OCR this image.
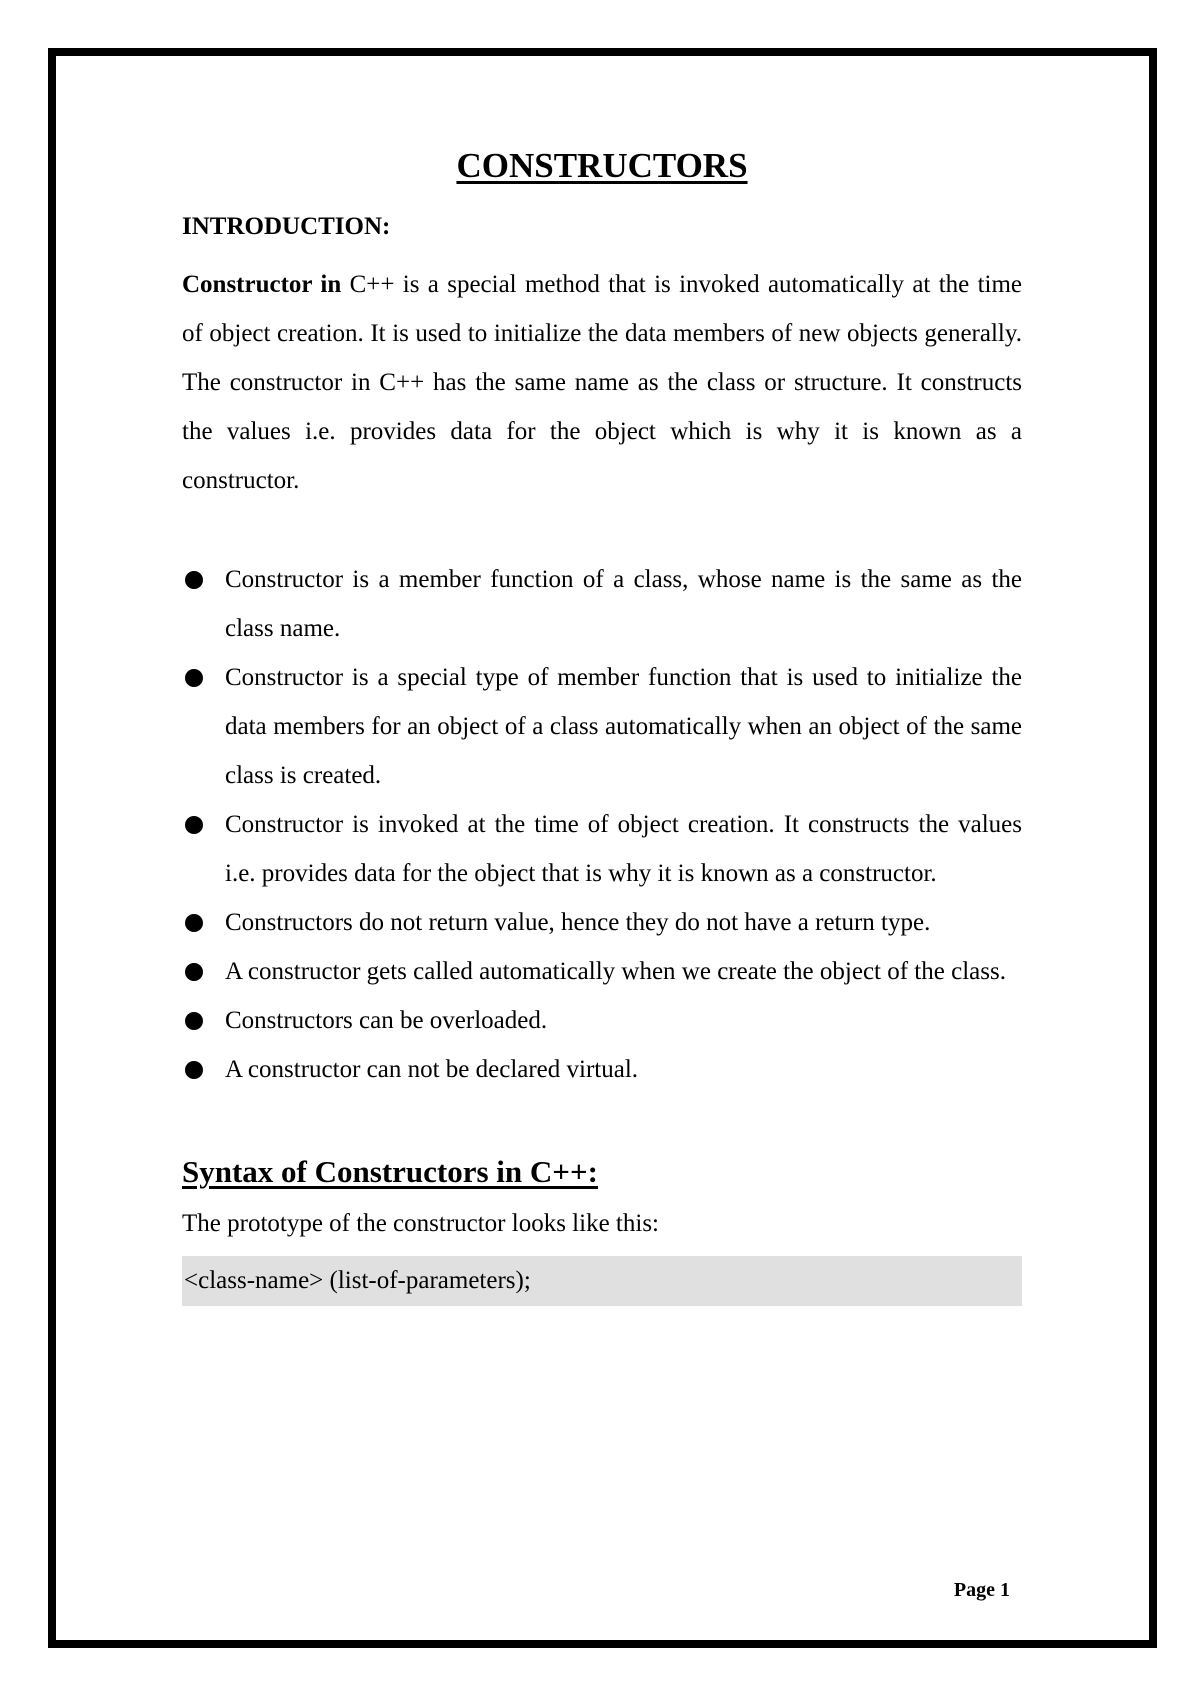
CONSTRUCTORS
INTRODUCTION:

Constructor in C++ is a special method that is invoked automatically at the time of object creation. It is used to initialize the data members of new objects generally. The constructor in C++ has the same name as the class or structure. It constructs the values i.e. provides data for the object which is why it is known as a constructor.

Constructor is a member function of a class, whose name is the same as the class name.
Constructor is a special type of member function that is used to initialize the data members for an object of a class automatically when an object of the same class is created.
Constructor is invoked at the time of object creation. It constructs the values i.e. provides data for the object that is why it is known as a constructor.
Constructors do not return value, hence they do not have a return type.
A constructor gets called automatically when we create the object of the class.
Constructors can be overloaded.
A constructor can not be declared virtual.
Syntax of Constructors in C++:

The prototype of the constructor looks like this:

<class-name> (list-of-parameters);
Page 1
